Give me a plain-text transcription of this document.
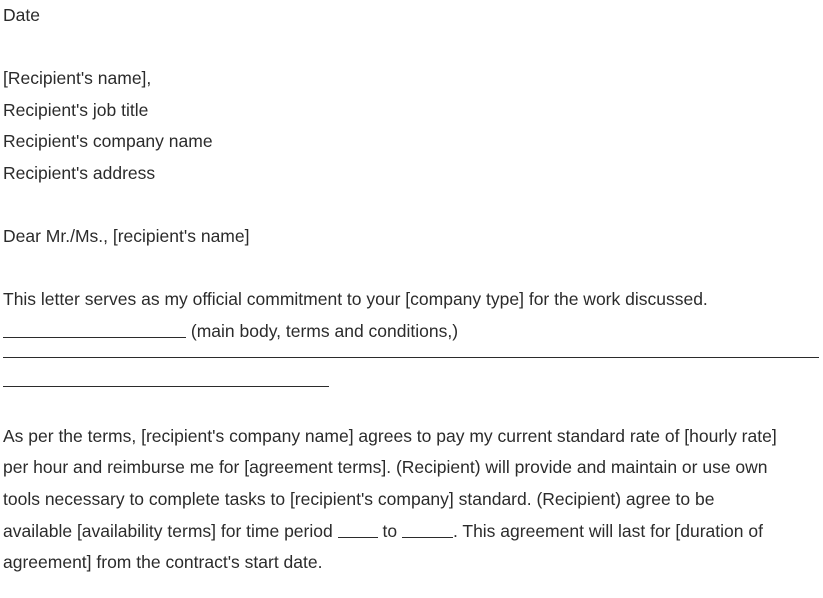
Date
[Recipient's name],
Recipient's job title
Recipient's company name
Recipient's address
Dear Mr./Ms., [recipient's name]
This letter serves as my official commitment to your [company type] for the work discussed.
(main body, terms and conditions,)
As per the terms, [recipient's company name] agrees to pay my current standard rate of [hourly rate]
per hour and reimburse me for [agreement terms]. (Recipient) will provide and maintain or use own
tools necessary to complete tasks to [recipient's company] standard. (Recipient) agree to be
available [availability terms] for time period	to	. This agreement will last for [duration of
agreement] from the contract's start date.
